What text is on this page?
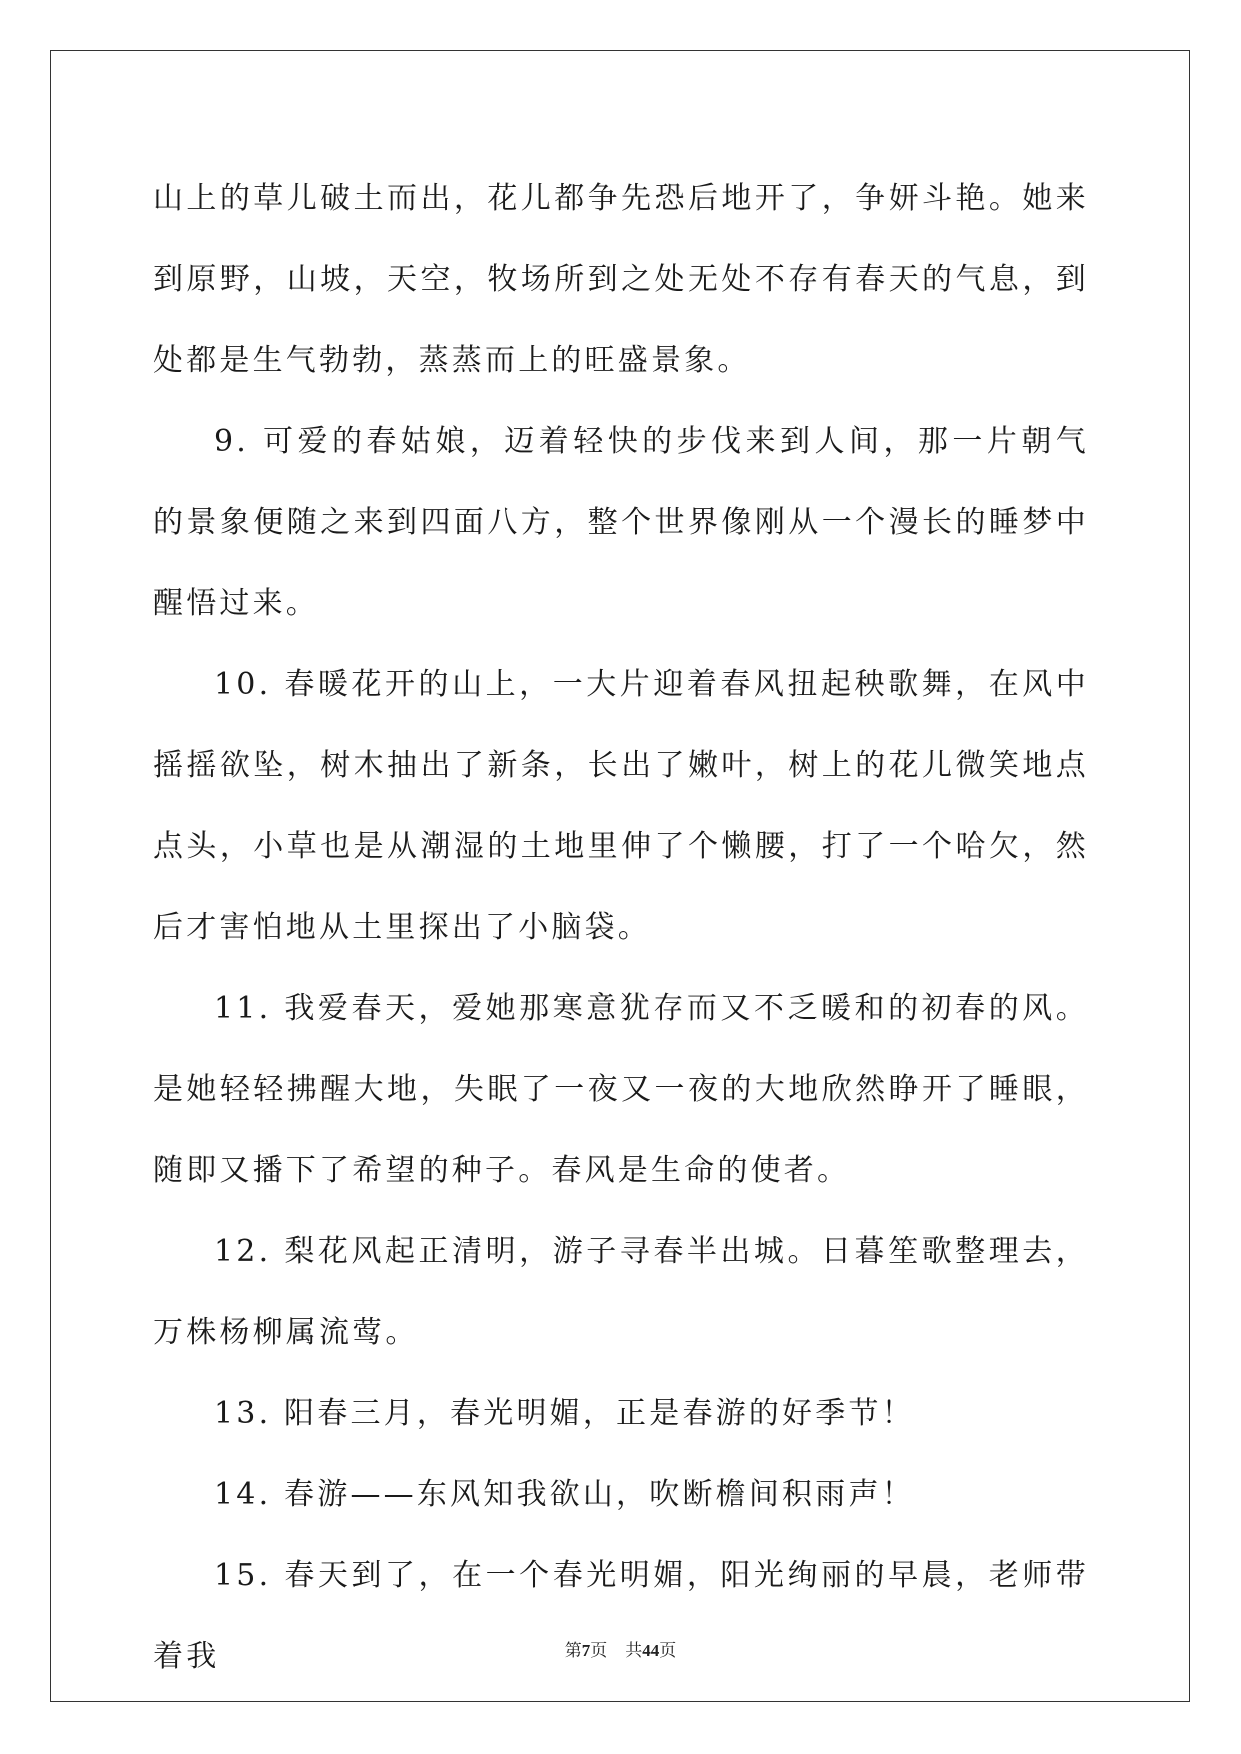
山上的草儿破土而出，花儿都争先恐后地开了，争妍斗艳。她来到原野，山坡，天空，牧场所到之处无处不存有春天的气息，到处都是生气勃勃，蒸蒸而上的旺盛景象。

9. 可爱的春姑娘，迈着轻快的步伐来到人间，那一片朝气的景象便随之来到四面八方，整个世界像刚从一个漫长的睡梦中醒悟过来。

10. 春暖花开的山上，一大片迎着春风扭起秧歌舞，在风中摇摇欲坠，树木抽出了新条，长出了嫩叶，树上的花儿微笑地点点头，小草也是从潮湿的土地里伸了个懒腰，打了一个哈欠，然后才害怕地从土里探出了小脑袋。

11. 我爱春天，爱她那寒意犹存而又不乏暖和的初春的风。是她轻轻拂醒大地，失眠了一夜又一夜的大地欣然睁开了睡眼，随即又播下了希望的种子。春风是生命的使者。

12. 梨花风起正清明，游子寻春半出城。日暮笙歌整理去，万株杨柳属流莺。

13. 阳春三月，春光明媚，正是春游的好季节！

14. 春游——东风知我欲山，吹断檐间积雨声！

15. 春天到了，在一个春光明媚，阳光绚丽的早晨，老师带着我	第7页 共44页
